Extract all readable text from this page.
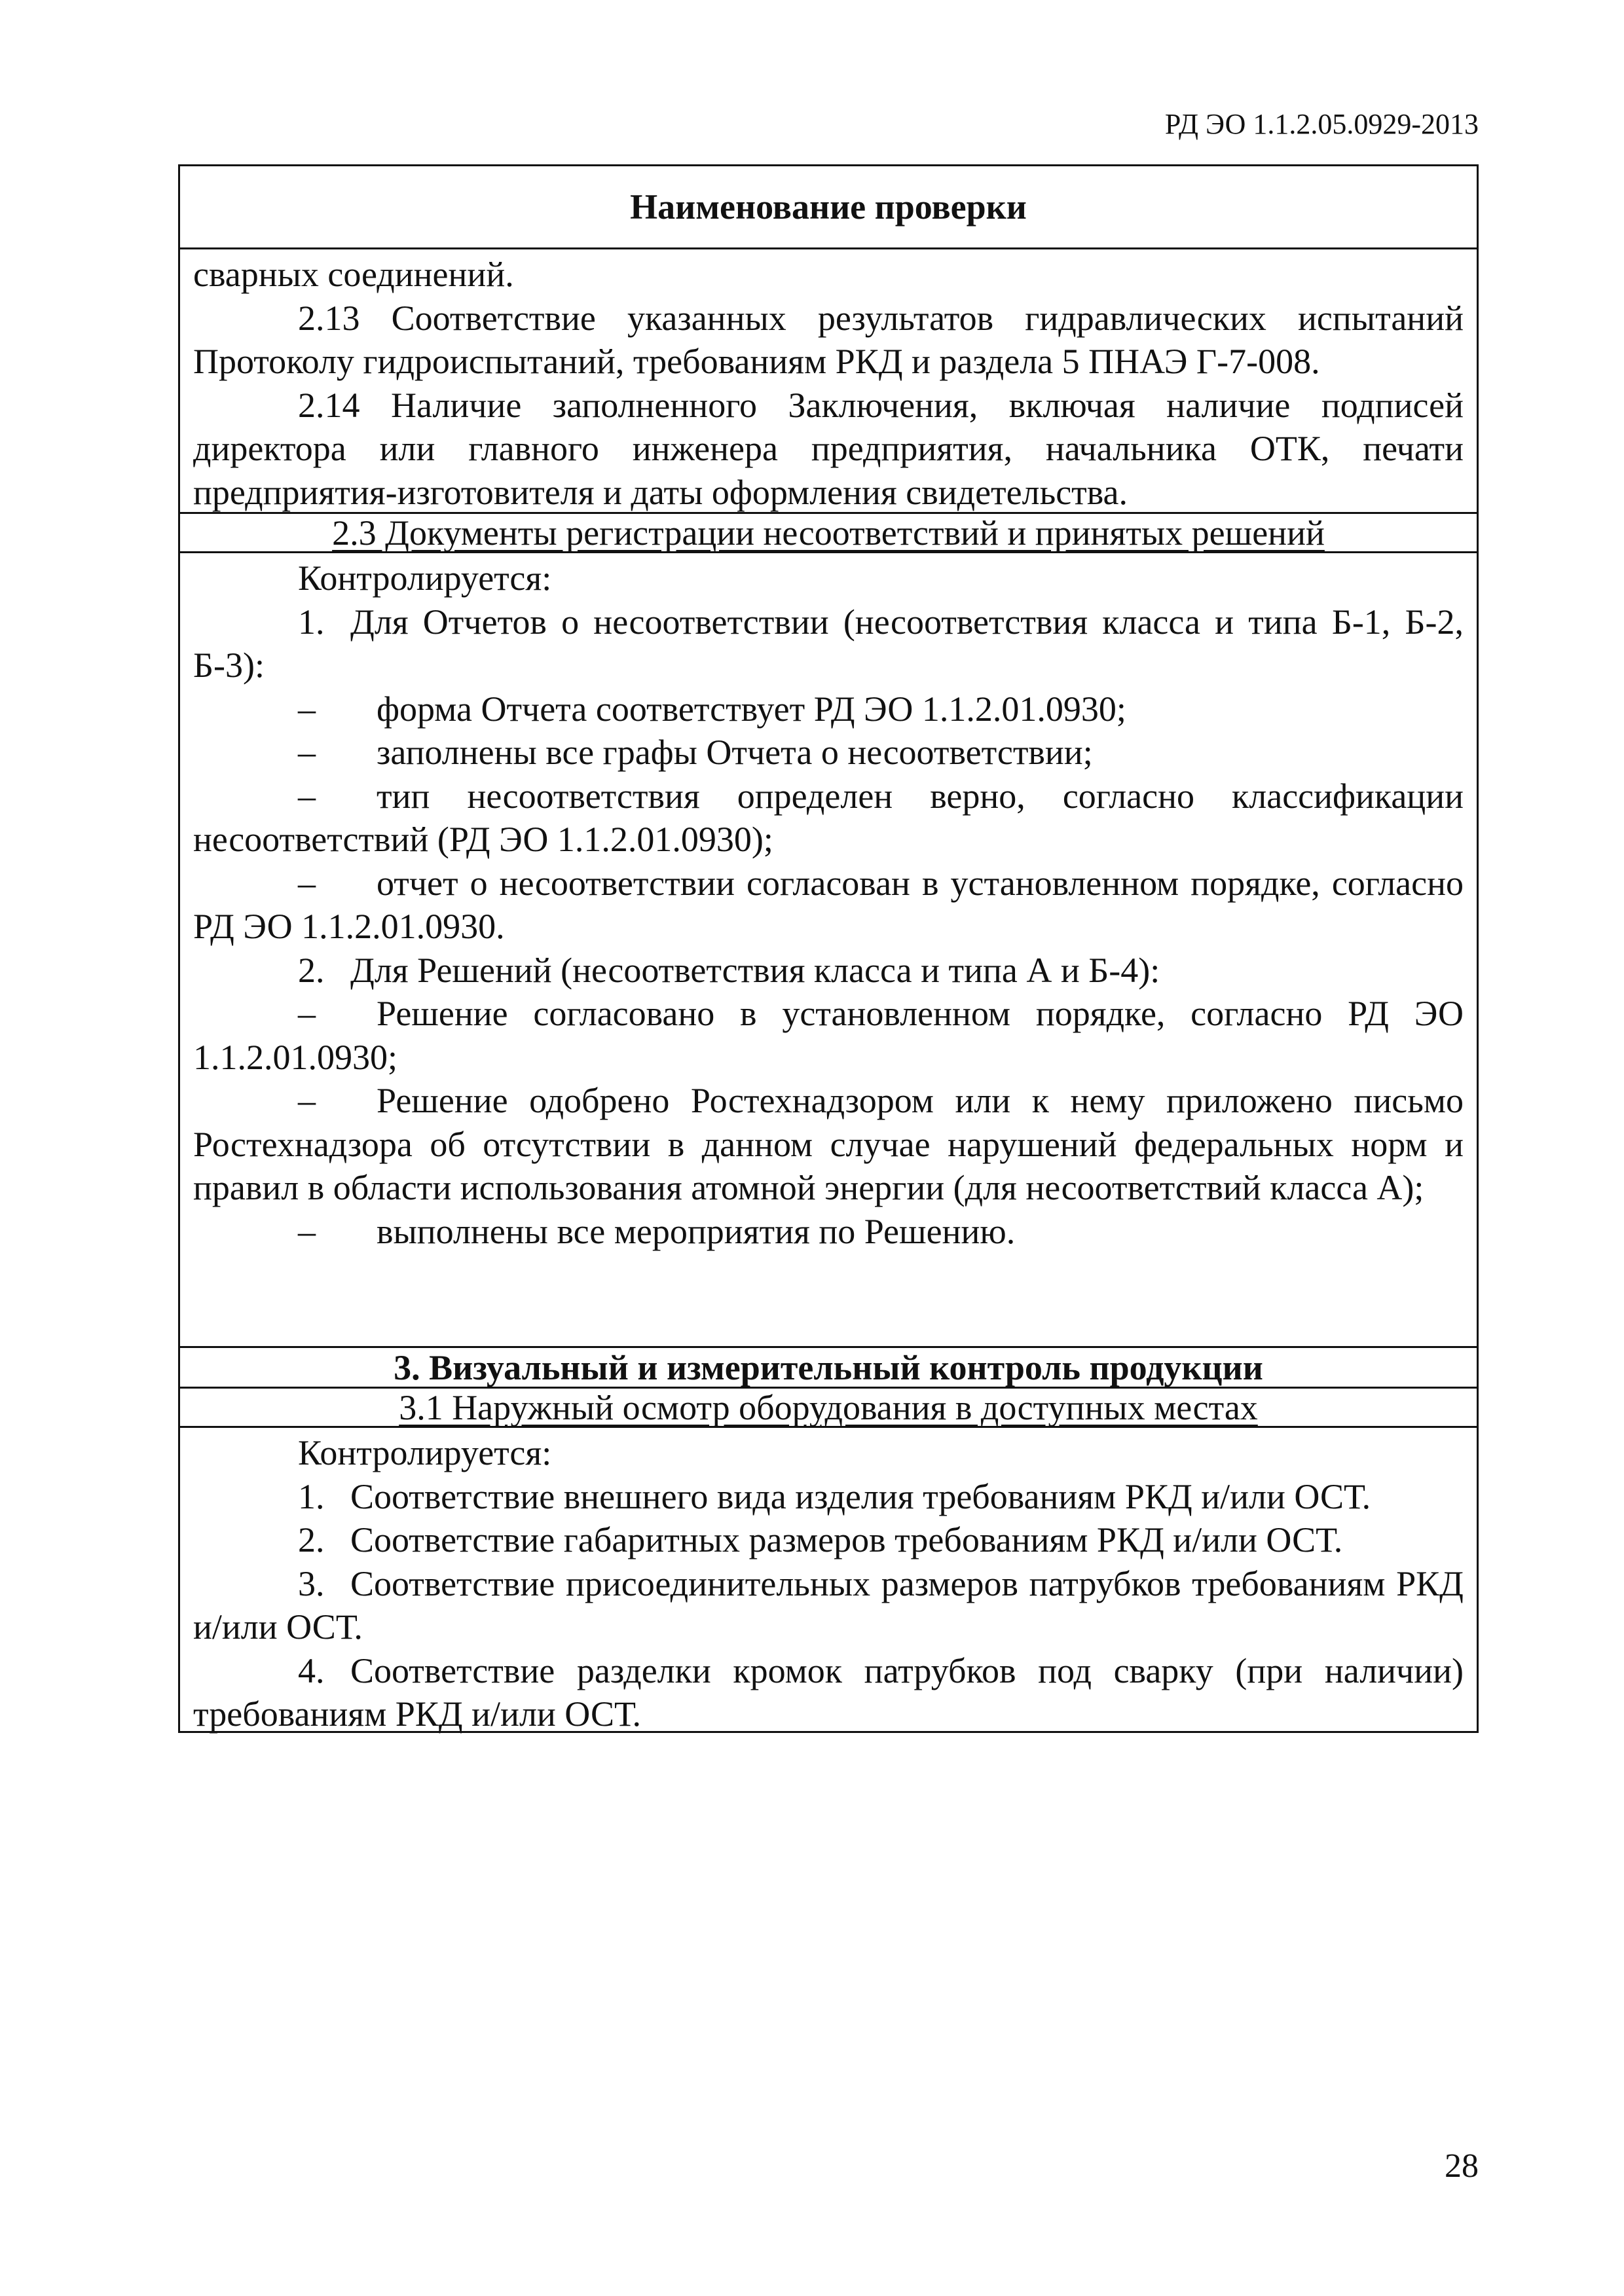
РД ЭО 1.1.2.05.0929-2013
Наименование проверки

сварных соединений.

2.13 Соответствие указанных результатов гидравлических испытаний Протоколу гидроиспытаний, требованиям РКД и раздела 5 ПНАЭ Г-7-008.

2.14 Наличие заполненного Заключения, включая наличие подписей директора или главного инженера предприятия, начальника ОТК, печати предприятия-изготовителя и даты оформления свидетельства.

2.3 Документы регистрации несоответствий и принятых решений

Контролируется:

1. Для Отчетов о несоответствии (несоответствия класса и типа Б-1, Б-2, Б-3):

– форма Отчета соответствует РД ЭО 1.1.2.01.0930;

– заполнены все графы Отчета о несоответствии;

– тип несоответствия определен верно, согласно классификации несоответствий (РД ЭО 1.1.2.01.0930);

– отчет о несоответствии согласован в установленном порядке, согласно РД ЭО 1.1.2.01.0930.

2. Для Решений (несоответствия класса и типа А и Б-4):

– Решение согласовано в установленном порядке, согласно РД ЭО 1.1.2.01.0930;

– Решение одобрено Ростехнадзором или к нему приложено письмо Ростехнадзора об отсутствии в данном случае нарушений федеральных норм и правил в области использования атомной энергии (для несоответствий класса А);

– выполнены все мероприятия по Решению.

3. Визуальный и измерительный контроль продукции
3.1 Наружный осмотр оборудования в доступных местах

Контролируется:

1. Соответствие внешнего вида изделия требованиям РКД и/или ОСТ.

2. Соответствие габаритных размеров требованиям РКД и/или ОСТ.

3. Соответствие присоединительных размеров патрубков требованиям РКД и/или ОСТ.

4. Соответствие разделки кромок патрубков под сварку (при наличии) требованиям РКД и/или ОСТ.

28
